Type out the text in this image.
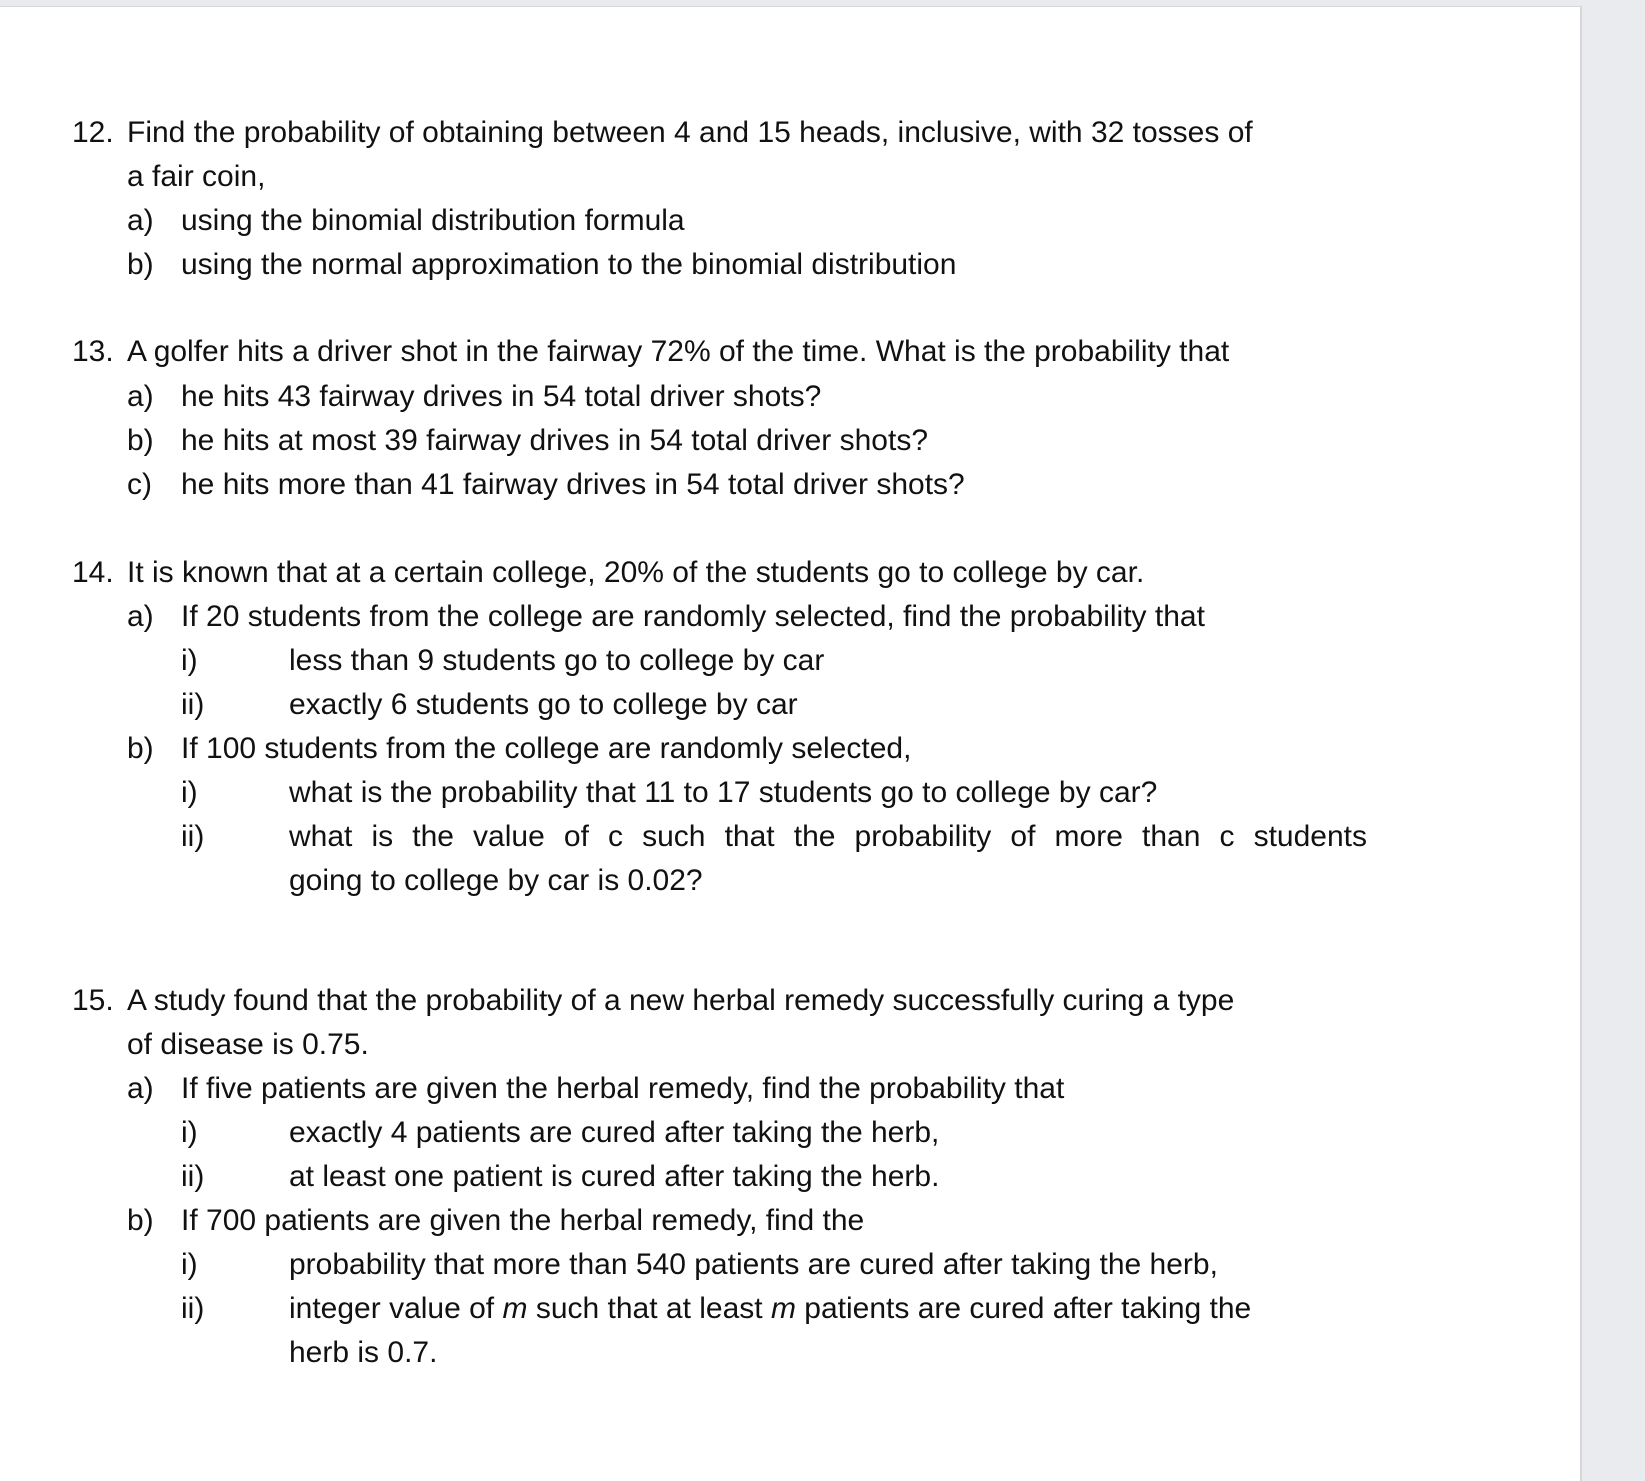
12. Find the probability of obtaining between 4 and 15 heads, inclusive, with 32 tosses of
a fair coin,
a) using the binomial distribution formula
b) using the normal approximation to the binomial distribution
13. A golfer hits a driver shot in the fairway 72% of the time. What is the probability that
a) he hits 43 fairway drives in 54 total driver shots?
b) he hits at most 39 fairway drives in 54 total driver shots?
c) he hits more than 41 fairway drives in 54 total driver shots?
14. It is known that at a certain college, 20% of the students go to college by car.
a) If 20 students from the college are randomly selected, find the probability that
i)	less than 9 students go to college by car
ii)	exactly 6 students go to college by car
b) If 100 students from the college are randomly selected,
i)	what is the probability that 11 to 17 students go to college by car?
ii)	what is the value of c such that the probability of more than c students
going to college by car is 0.02?
15. A study found that the probability of a new herbal remedy successfully curing a type
of disease is 0.75.
a) If five patients are given the herbal remedy, find the probability that
i)	exactly 4 patients are cured after taking the herb,
ii)	at least one patient is cured after taking the herb.
b) If 700 patients are given the herbal remedy, find the
i)	probability that more than 540 patients are cured after taking the herb,
ii)	integer value of m such that at least m patients are cured after taking the
herb is 0.7.
